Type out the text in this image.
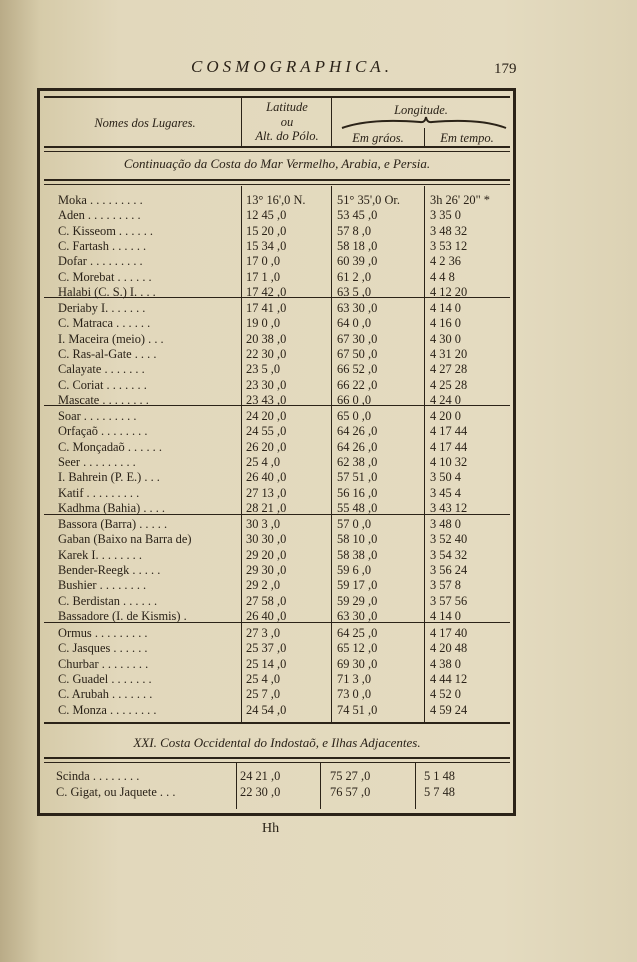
COSMOGRAPHICA.	179
Nomes dos Lugares.
Latitude
ou
Alt. do Pólo.
Longitude.
Em gráos.	Em tempo.
Continuação da Costa do Mar Vermelho, Arabia, e Persia.
Moka . . . . . . . . .	13° 16',0 N.	51° 35',0 Or. 3h 26' 20" *
Aden . . . . . . . . .	12 45 ,0	53 45 ,0	3 35 0
C. Kisseom . . . . . .	15 20 ,0	57 8 ,0	3 48 32
C. Fartash . . . . . .	15 34 ,0	58 18 ,0	3 53 12
Dofar . . . . . . . . .	17 0 ,0	60 39 ,0	4 2 36
C. Morebat . . . . . .	17 1 ,0	61 2 ,0	4 4 8
Halabi (C. S.) I. . . .	17 42 ,0	63 5 ,0	4 12 20
Deriaby I. . . . . . .	17 41 ,0	63 30 ,0	4 14 0
C. Matraca . . . . . .	19 0 ,0	64 0 ,0	4 16 0
I. Maceira (meio) . . .	20 38 ,0	67 30 ,0	4 30 0
C. Ras-al-Gate . . . .	22 30 ,0	67 50 ,0	4 31 20
Calayate . . . . . . .	23 5 ,0	66 52 ,0	4 27 28
C. Coriat . . . . . . .	23 30 ,0	66 22 ,0	4 25 28
Mascate . . . . . . . .	23 43 ,0	66 0 ,0	4 24 0
Soar . . . . . . . . .	24 20 ,0	65 0 ,0	4 20 0
Orfaçaõ . . . . . . . .	24 55 ,0	64 26 ,0	4 17 44
C. Monçadaõ . . . . . .	26 20 ,0	64 26 ,0	4 17 44
Seer . . . . . . . . .	25 4 ,0	62 38 ,0	4 10 32
I. Bahrein (P. E.) . . .	26 40 ,0	57 51 ,0	3 50 4
Katif . . . . . . . . .	27 13 ,0	56 16 ,0	3 45 4
Kadhma (Bahia) . . . .	28 21 ,0	55 48 ,0	3 43 12
Bassora (Barra) . . . . .	30 3 ,0	57 0 ,0	3 48 0
Gaban (Baixo na Barra de)	30 30 ,0	58 10 ,0	3 52 40
Karek I. . . . . . . .	29 20 ,0	58 38 ,0	3 54 32
Bender-Reegk . . . . .	29 30 ,0	59 6 ,0	3 56 24
Bushier . . . . . . . .	29 2 ,0	59 17 ,0	3 57 8
C. Berdistan . . . . . .	27 58 ,0	59 29 ,0	3 57 56
Bassadore (I. de Kismis) .	26 40 ,0	63 30 ,0	4 14 0
Ormus . . . . . . . . .	27 3 ,0	64 25 ,0	4 17 40
C. Jasques . . . . . .	25 37 ,0	65 12 ,0	4 20 48
Churbar . . . . . . . .	25 14 ,0	69 30 ,0	4 38 0
C. Guadel . . . . . . .	25 4 ,0	71 3 ,0	4 44 12
C. Arubah . . . . . . .	25 7 ,0	73 0 ,0	4 52 0
C. Monza . . . . . . . .	24 54 ,0	74 51 ,0	4 59 24
XXI. Costa Occidental do Indostaõ, e Ilhas Adjacentes.
Scinda . . . . . . . .	24 21 ,0	75 27 ,0	5 1 48
C. Gigat, ou Jaquete . . .	22 30 ,0	76 57 ,0	5 7 48
Hh
